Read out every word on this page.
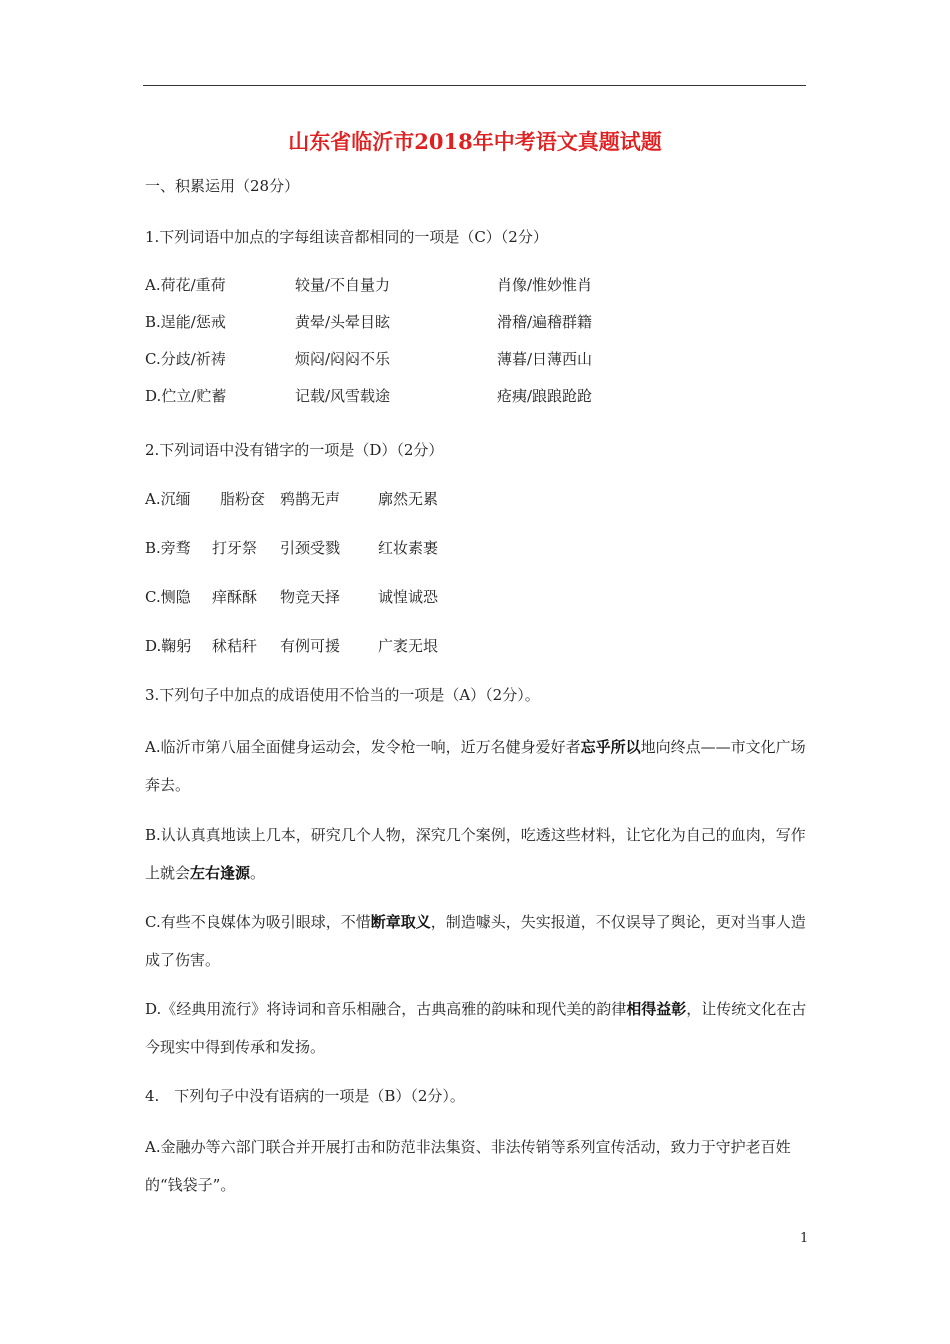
山东省临沂市2018年中考语文真题试题
一、积累运用（28分）
1.下列词语中加点的字每组读音都相同的一项是（C）（2分）
A.荷花/重荷	较量/不自量力	肖像/惟妙惟肖
B.逞能/惩戒	黄晕/头晕目眩	滑稽/遍稽群籍
C.分歧/祈祷	烦闷/闷闷不乐	薄暮/日薄西山
D.伫立/贮蓄	记载/风雪载途	疮痍/踉踉跄跄
2.下列词语中没有错字的一项是（D）（2分）
A.沉缅 脂粉奁 鸦鹊无声	廓然无累
B.旁骛 打牙祭 引颈受戮	红妆素裹
C.恻隐 痒酥酥 物竞天择	诚惶诚恐
D.鞠躬 秫秸秆 有例可援	广袤无垠
3.下列句子中加点的成语使用不恰当的一项是（A）（2分）。
A.临沂市第八届全面健身运动会，发令枪一响，近万名健身爱好者忘乎所以地向终点——市文化广场奔去。
B.认认真真地读上几本，研究几个人物，深究几个案例，吃透这些材料，让它化为自己的血肉，写作上就会左右逢源。
C.有些不良媒体为吸引眼球，不惜断章取义，制造噱头，失实报道，不仅误导了舆论，更对当事人造成了伤害。
D.《经典用流行》将诗词和音乐相融合，古典高雅的韵味和现代美的韵律相得益彰，让传统文化在古今现实中得到传承和发扬。
4.　下列句子中没有语病的一项是（B）（2分）。
A.金融办等六部门联合并开展打击和防范非法集资、非法传销等系列宣传活动，致力于守护老百姓的“钱袋子”。
1
